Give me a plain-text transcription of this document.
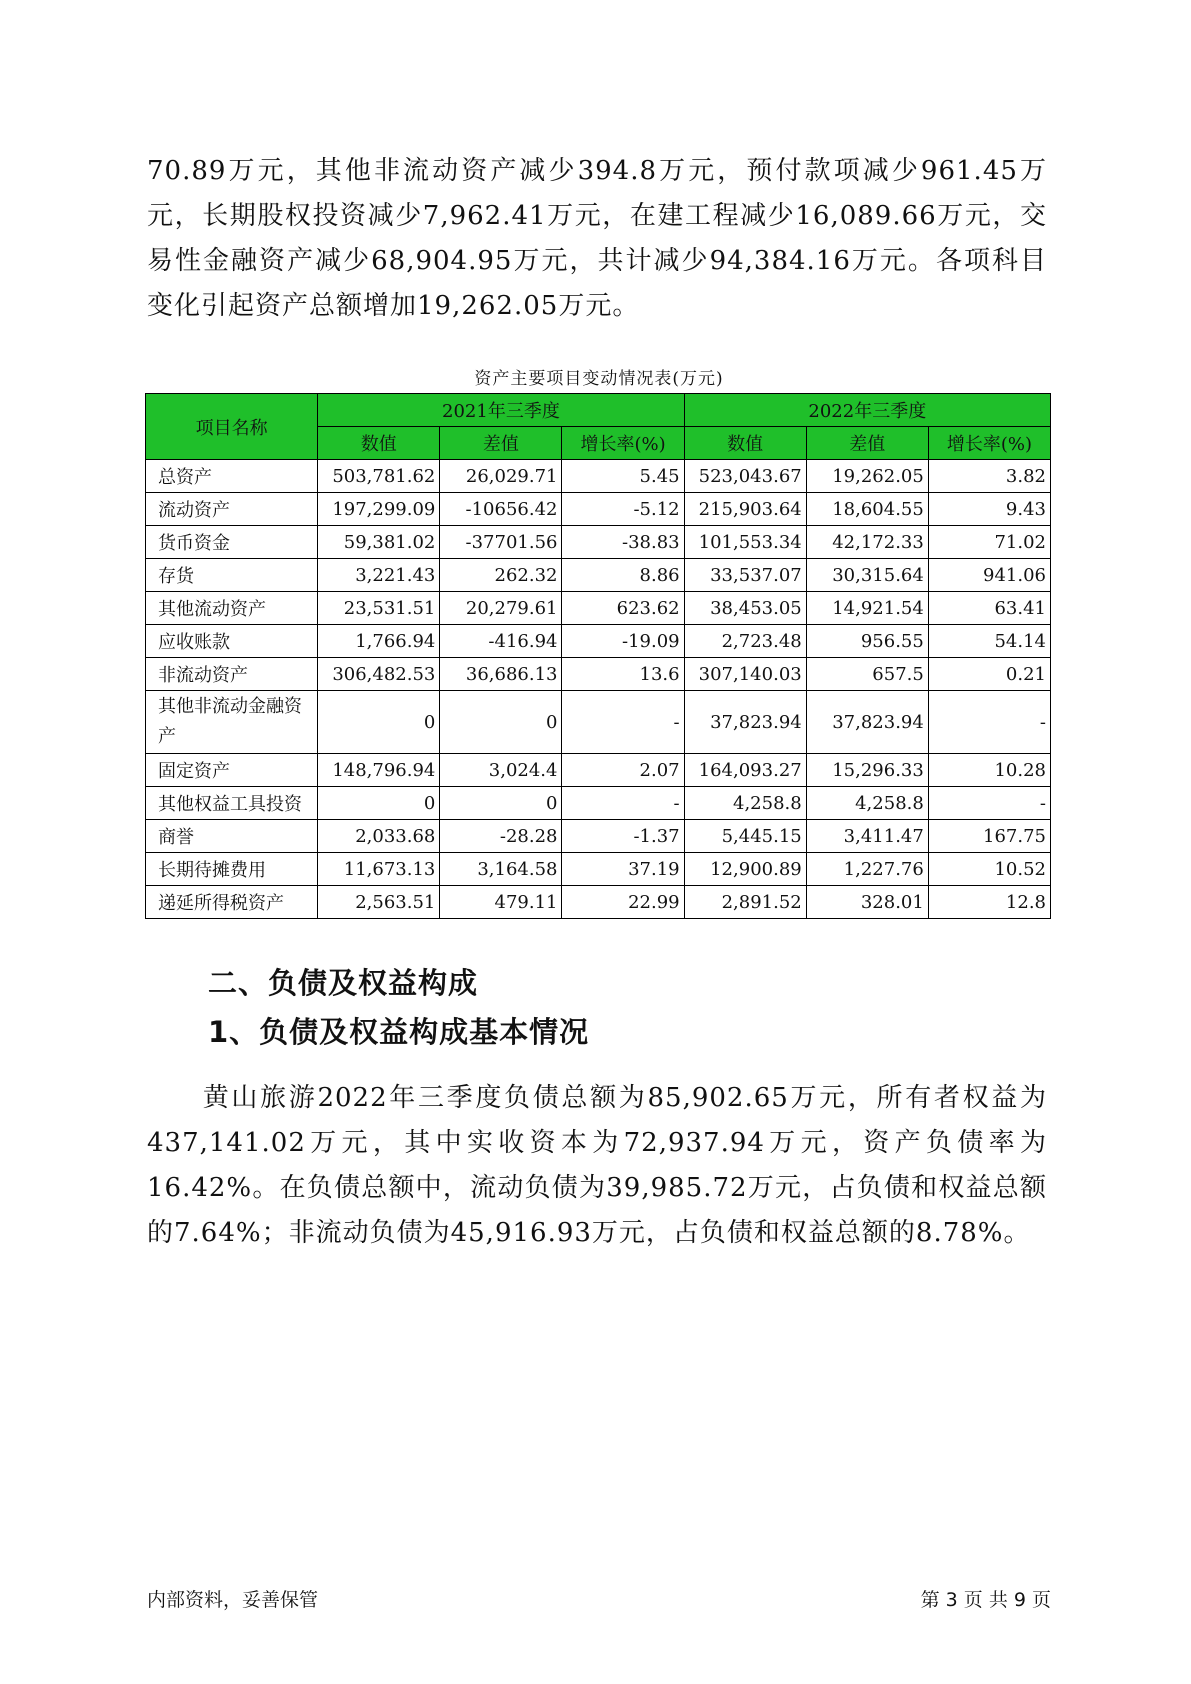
70.89万元，其他非流动资产减少394.8万元，预付款项减少961.45万元，长期股权投资减少7,962.41万元，在建工程减少16,089.66万元，交易性金融资产减少68,904.95万元，共计减少94,384.16万元。各项科目变化引起资产总额增加19,262.05万元。

资产主要项目变动情况表(万元)
项目名称	2021年三季度			2022年三季度		
	数值	差值	增长率(%)	数值	差值	增长率(%)
总资产	503,781.62	26,029.71	5.45	523,043.67	19,262.05	3.82
流动资产	197,299.09	-10656.42	-5.12	215,903.64	18,604.55	9.43
货币资金	59,381.02	-37701.56	-38.83	101,553.34	42,172.33	71.02
存货	3,221.43	262.32	8.86	33,537.07	30,315.64	941.06
其他流动资产	23,531.51	20,279.61	623.62	38,453.05	14,921.54	63.41
应收账款	1,766.94	-416.94	-19.09	2,723.48	956.55	54.14
非流动资产	306,482.53	36,686.13	13.6	307,140.03	657.5	0.21
其他非流动金融资产	0	0	-	37,823.94	37,823.94	-
固定资产	148,796.94	3,024.4	2.07	164,093.27	15,296.33	10.28
其他权益工具投资	0	0	-	4,258.8	4,258.8	-
商誉	2,033.68	-28.28	-1.37	5,445.15	3,411.47	167.75
长期待摊费用	11,673.13	3,164.58	37.19	12,900.89	1,227.76	10.52
递延所得税资产	2,563.51	479.11	22.99	2,891.52	328.01	12.8
二、负债及权益构成
1、负债及权益构成基本情况

黄山旅游2022年三季度负债总额为85,902.65万元，所有者权益为437,141.02万元，其中实收资本为72,937.94万元，资产负债率为16.42%。在负债总额中，流动负债为39,985.72万元，占负债和权益总额的7.64%；非流动负债为45,916.93万元，占负债和权益总额的8.78%。

内部资料，妥善保管	第 3 页 共 9 页
